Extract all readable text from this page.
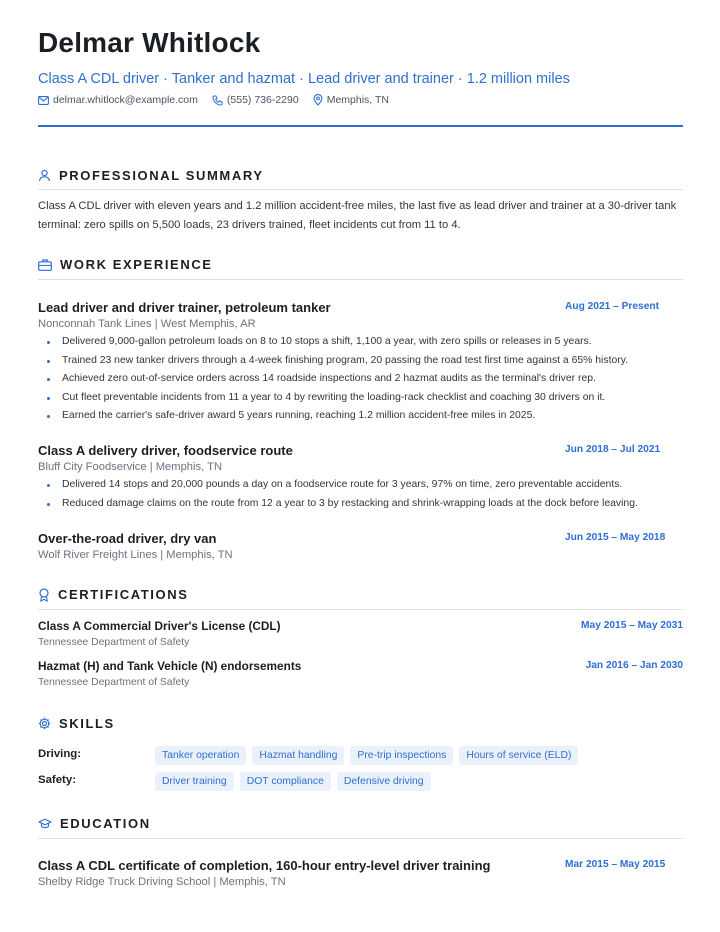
Delmar Whitlock
Class A CDL driver · Tanker and hazmat · Lead driver and trainer · 1.2 million miles
delmar.whitlock@example.com	(555) 736-2290	Memphis, TN
PROFESSIONAL SUMMARY
Class A CDL driver with eleven years and 1.2 million accident-free miles, the last five as lead driver and trainer at a 30-driver tank terminal: zero spills on 5,500 loads, 23 drivers trained, fleet incidents cut from 11 to 4.
WORK EXPERIENCE
Lead driver and driver trainer, petroleum tanker	Aug 2021 – Present
Nonconnah Tank Lines | West Memphis, AR
Delivered 9,000-gallon petroleum loads on 8 to 10 stops a shift, 1,100 a year, with zero spills or releases in 5 years.
Trained 23 new tanker drivers through a 4-week finishing program, 20 passing the road test first time against a 65% history.
Achieved zero out-of-service orders across 14 roadside inspections and 2 hazmat audits as the terminal's driver rep.
Cut fleet preventable incidents from 11 a year to 4 by rewriting the loading-rack checklist and coaching 30 drivers on it.
Earned the carrier's safe-driver award 5 years running, reaching 1.2 million accident-free miles in 2025.
Class A delivery driver, foodservice route	Jun 2018 – Jul 2021
Bluff City Foodservice | Memphis, TN
Delivered 14 stops and 20,000 pounds a day on a foodservice route for 3 years, 97% on time, zero preventable accidents.
Reduced damage claims on the route from 12 a year to 3 by restacking and shrink-wrapping loads at the dock before leaving.
Over-the-road driver, dry van	Jun 2015 – May 2018
Wolf River Freight Lines | Memphis, TN
CERTIFICATIONS
Class A Commercial Driver's License (CDL)	May 2015 – May 2031
Tennessee Department of Safety
Hazmat (H) and Tank Vehicle (N) endorsements	Jan 2016 – Jan 2030
Tennessee Department of Safety
SKILLS
Driving:	Tanker operation	Hazmat handling	Pre-trip inspections	Hours of service (ELD)
Safety:	Driver training	DOT compliance	Defensive driving
EDUCATION
Class A CDL certificate of completion, 160-hour entry-level driver training	Mar 2015 – May 2015
Shelby Ridge Truck Driving School | Memphis, TN
